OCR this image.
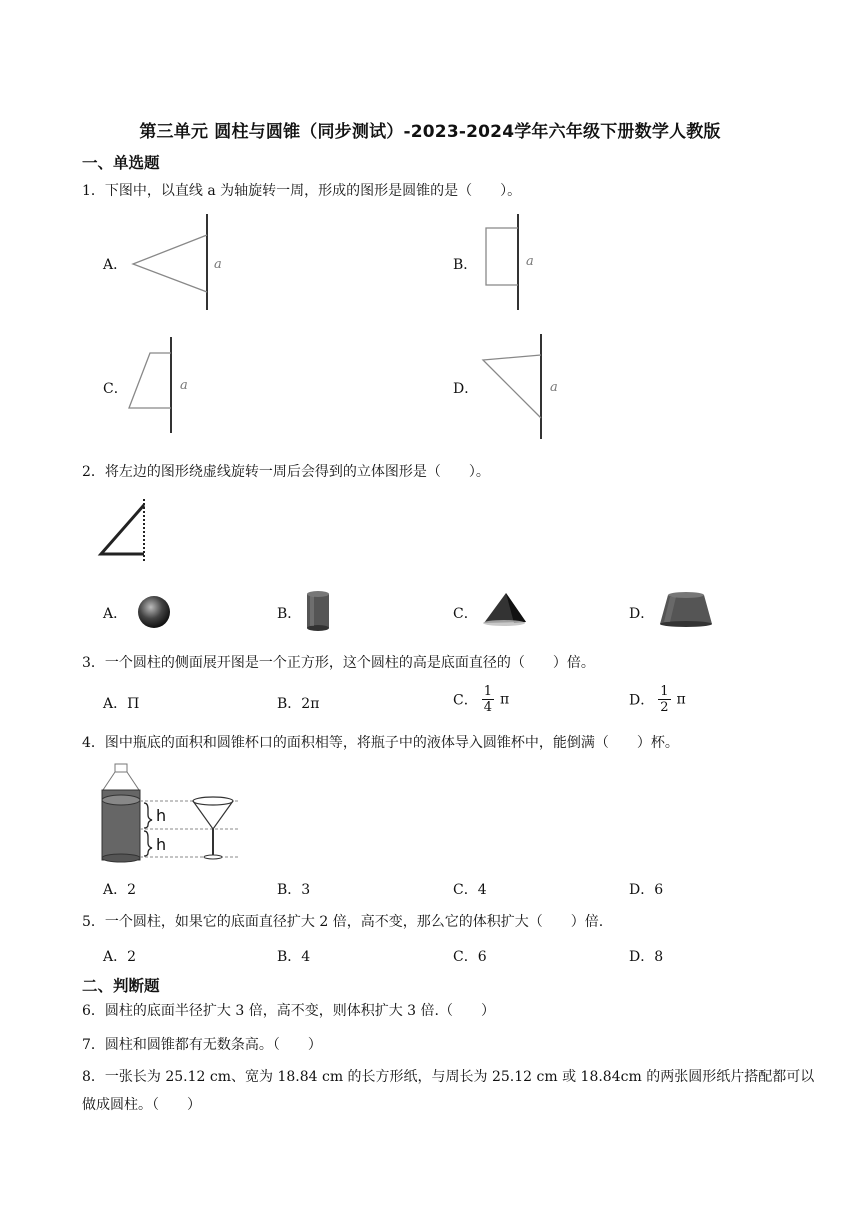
第三单元 圆柱与圆锥（同步测试）-2023-2024学年六年级下册数学人教版
一、单选题
1．下图中，以直线 a 为轴旋转一周，形成的图形是圆锥的是（　　）。
A．	a	B．	a
C．	a	D．	a
2．将左边的图形绕虚线旋转一周后会得到的立体图形是（　　）。
A．	B．	C．	D．
3．一个圆柱的侧面展开图是一个正方形，这个圆柱的高是底面直径的（　　）倍。
A．Π	B．2π	C． $\frac{1}{4}$ π	D． $\frac{1}{2}$ π
4．图中瓶底的面积和圆锥杯口的面积相等，将瓶子中的液体导入圆锥杯中，能倒满（　　）杯。
h
h
A．2	B．3	C．4	D．6
5．一个圆柱，如果它的底面直径扩大 2 倍，高不变，那么它的体积扩大（　　）倍.
A．2	B．4	C．6	D．8
二、判断题
6．圆柱的底面半径扩大 3 倍，高不变，则体积扩大 3 倍.（　　）
7．圆柱和圆锥都有无数条高。（　　）
8．一张长为 25.12 cm、宽为 18.84 cm 的长方形纸，与周长为 25.12 cm 或 18.84cm 的两张圆形纸片搭配都可以做成圆柱。（　　）
